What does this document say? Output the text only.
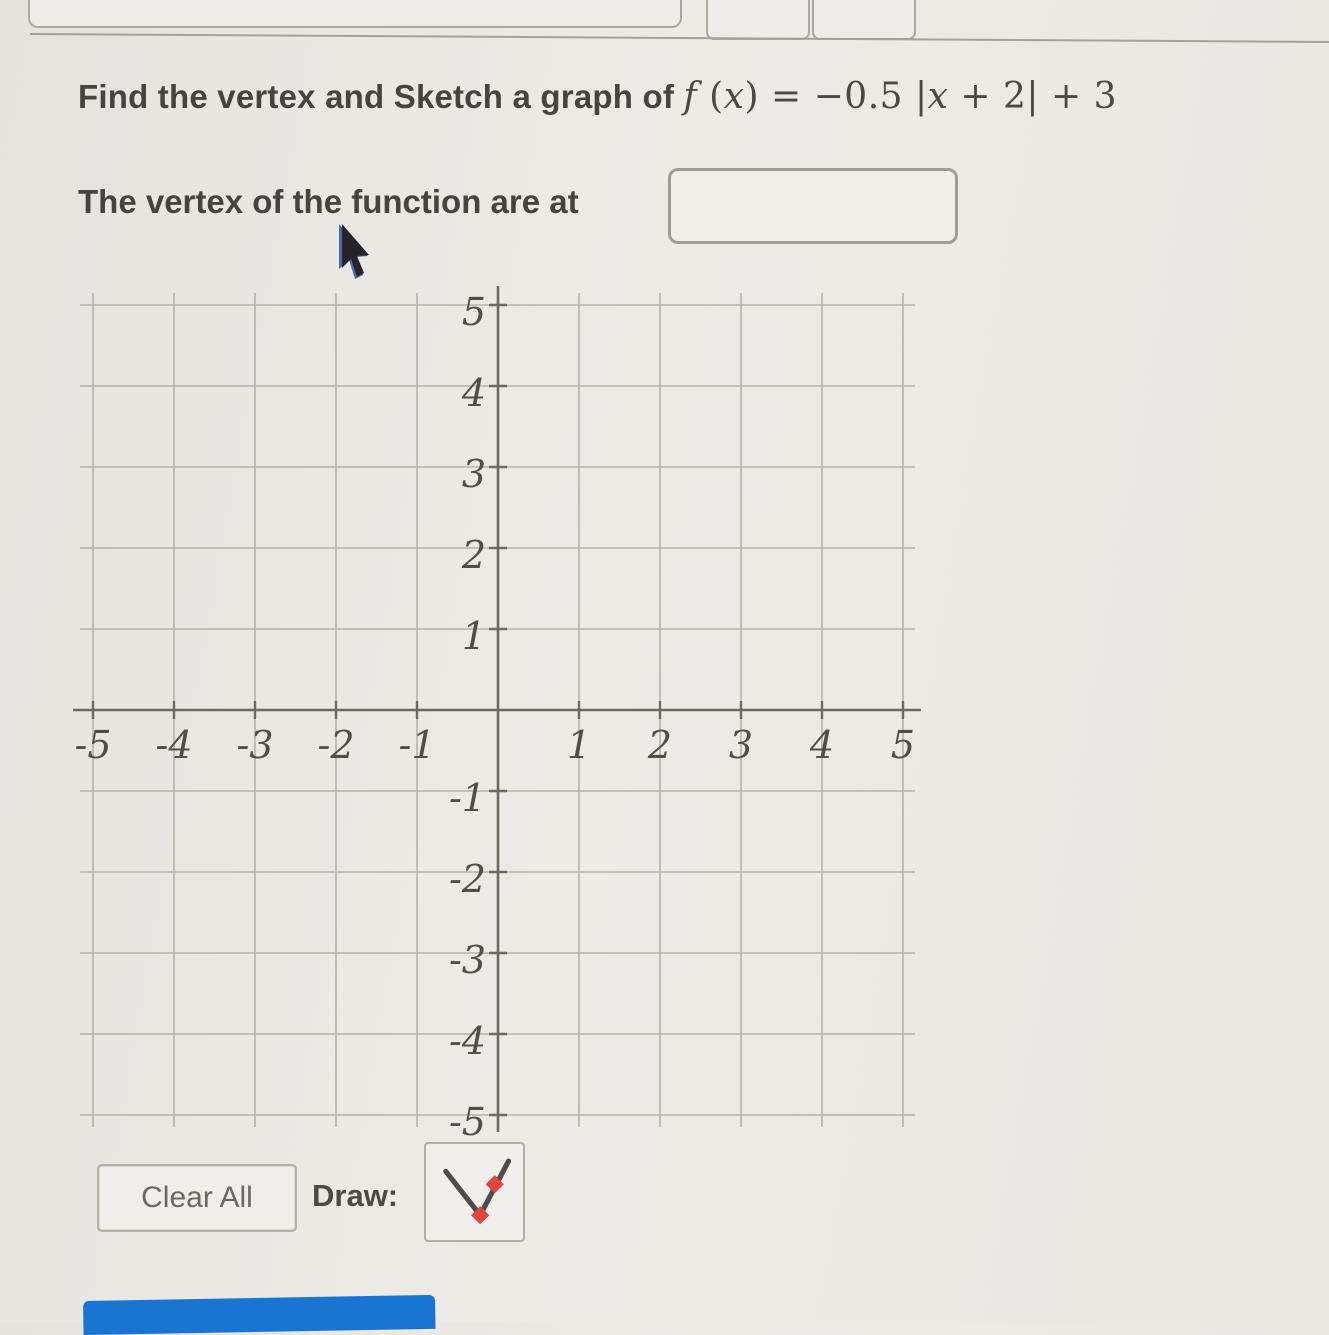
Find the vertex and Sketch a graph of f (x) = −0.5 |x + 2| + 3
The vertex of the function are at
-5 -4 -3 -2 -1	1 2 3 4 5
5
4
3
2
1
-1
-2
-3
-4
-5
Clear All Draw:
